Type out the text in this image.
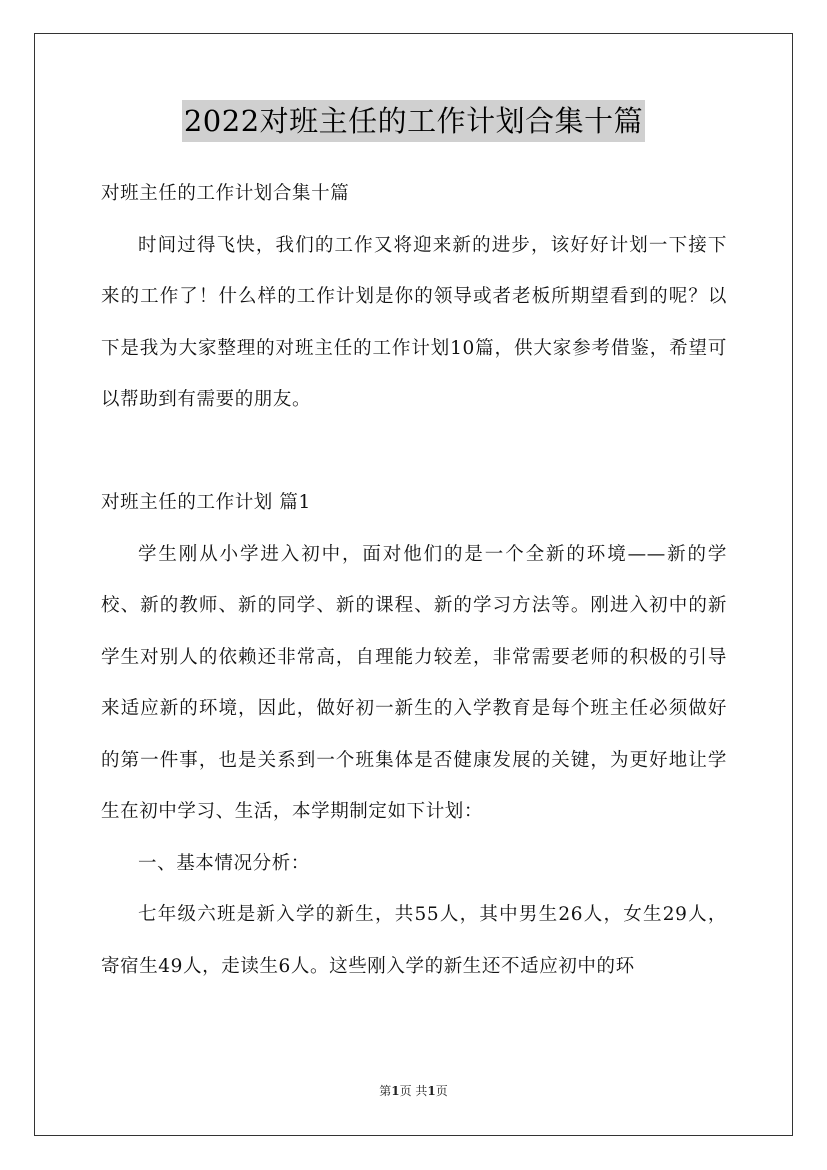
2022对班主任的工作计划合集十篇

对班主任的工作计划合集十篇

时间过得飞快，我们的工作又将迎来新的进步，该好好计划一下接下来的工作了！什么样的工作计划是你的领导或者老板所期望看到的呢？以下是我为大家整理的对班主任的工作计划10篇，供大家参考借鉴，希望可以帮助到有需要的朋友。

对班主任的工作计划 篇1

学生刚从小学进入初中，面对他们的是一个全新的环境——新的学校、新的教师、新的同学、新的课程、新的学习方法等。刚进入初中的新学生对别人的依赖还非常高，自理能力较差，非常需要老师的积极的引导来适应新的环境，因此，做好初一新生的入学教育是每个班主任必须做好的第一件事，也是关系到一个班集体是否健康发展的关键，为更好地让学生在初中学习、生活，本学期制定如下计划：

一、基本情况分析：

七年级六班是新入学的新生，共55人，其中男生26人，女生29人，寄宿生49人，走读生6人。这些刚入学的新生还不适应初中的环

第1页 共1页
